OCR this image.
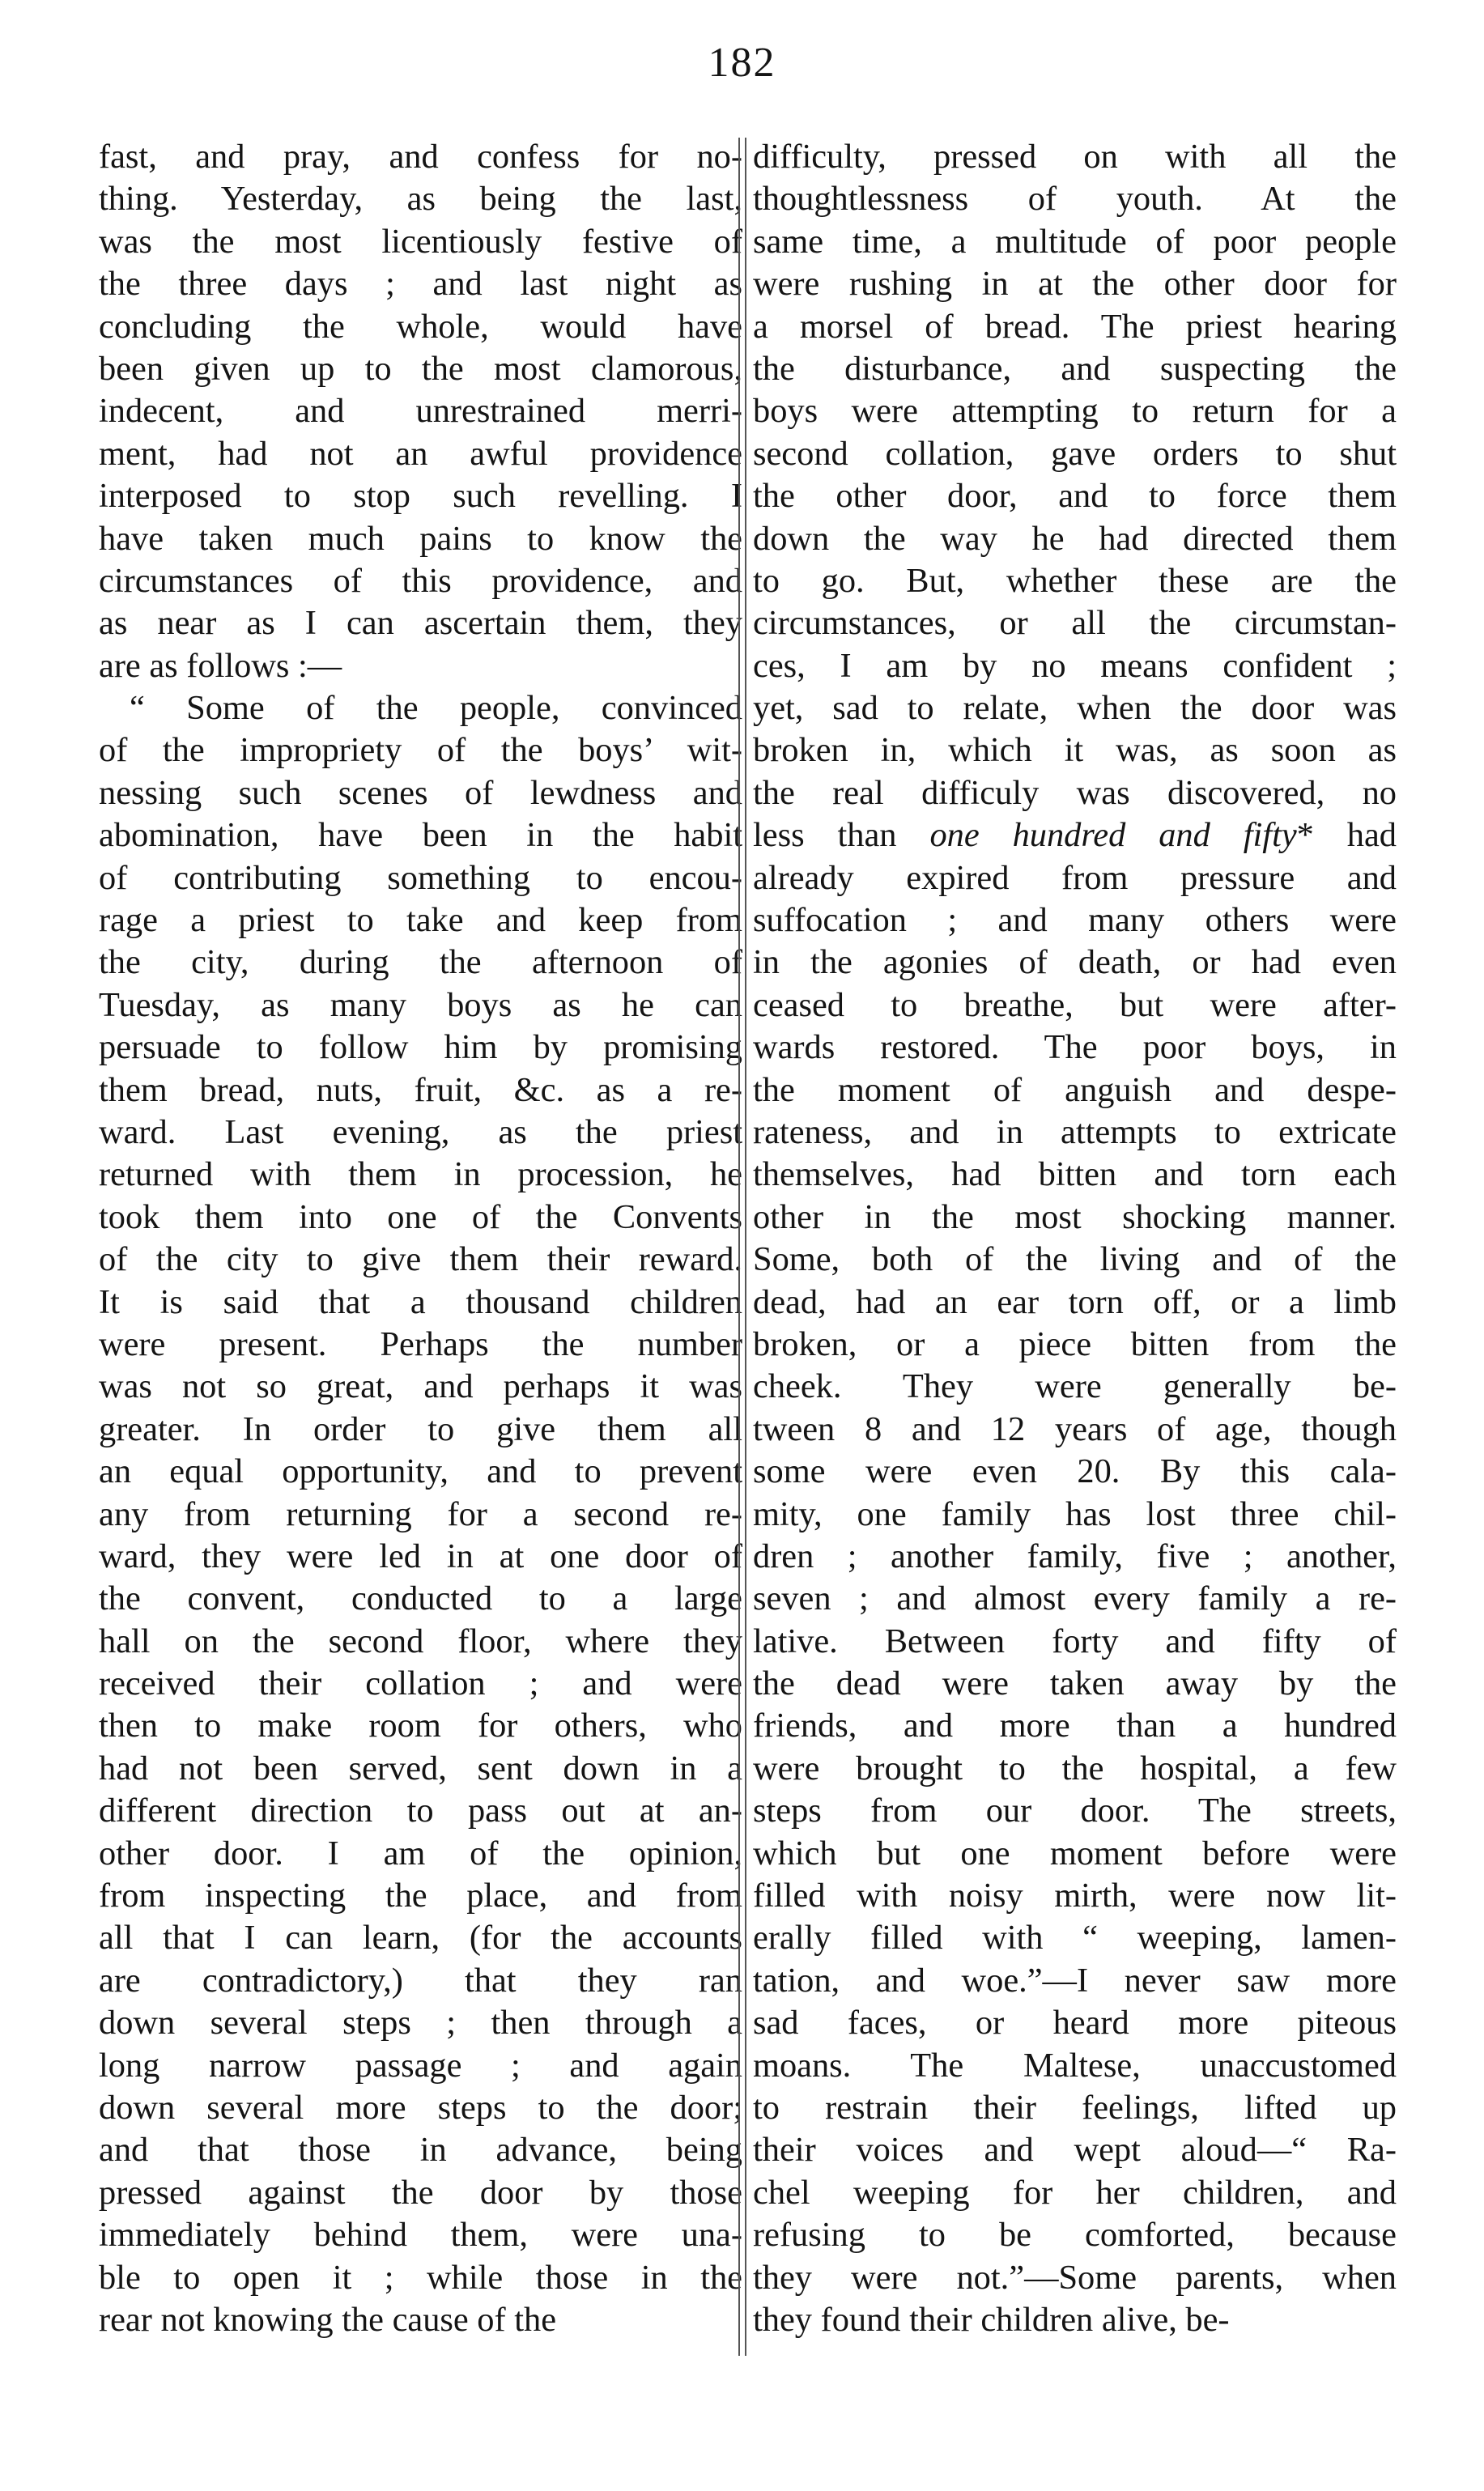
182
fast, and pray, and confess for no-
thing. Yesterday, as being the last,
was the most licentiously festive of
the three days ; and last night as
concluding the whole, would have
been given up to the most clamorous,
indecent, and unrestrained merri-
ment, had not an awful providence
interposed to stop such revelling. I
have taken much pains to know the
circumstances of this providence, and
as near as I can ascertain them, they
are as follows :—
“ Some of the people, convinced
of the impropriety of the boys’ wit-
nessing such scenes of lewdness and
abomination, have been in the habit
of contributing something to encou-
rage a priest to take and keep from
the city, during the afternoon of
Tuesday, as many boys as he can
persuade to follow him by promising
them bread, nuts, fruit, &c. as a re-
ward. Last evening, as the priest
returned with them in procession, he
took them into one of the Convents
of the city to give them their reward.
It is said that a thousand children
were present. Perhaps the number
was not so great, and perhaps it was
greater. In order to give them all
an equal opportunity, and to prevent
any from returning for a second re-
ward, they were led in at one door of
the convent, conducted to a large
hall on the second floor, where they
received their collation ; and were
then to make room for others, who
had not been served, sent down in a
different direction to pass out at an-
other door. I am of the opinion,
from inspecting the place, and from
all that I can learn, (for the accounts
are contradictory,) that they ran
down several steps ; then through a
long narrow passage ; and again
down several more steps to the door;
and that those in advance, being
pressed against the door by those
immediately behind them, were una-
ble to open it ; while those in the
rear not knowing the cause of the
difficulty, pressed on with all the
thoughtlessness of youth. At the
same time, a multitude of poor people
were rushing in at the other door for
a morsel of bread. The priest hearing
the disturbance, and suspecting the
boys were attempting to return for a
second collation, gave orders to shut
the other door, and to force them
down the way he had directed them
to go. But, whether these are the
circumstances, or all the circumstan-
ces, I am by no means confident ;
yet, sad to relate, when the door was
broken in, which it was, as soon as
the real difficuly was discovered, no
less than one hundred and fifty* had
already expired from pressure and
suffocation ; and many others were
in the agonies of death, or had even
ceased to breathe, but were after-
wards restored. The poor boys, in
the moment of anguish and despe-
rateness, and in attempts to extricate
themselves, had bitten and torn each
other in the most shocking manner.
Some, both of the living and of the
dead, had an ear torn off, or a limb
broken, or a piece bitten from the
cheek. They were generally be-
tween 8 and 12 years of age, though
some were even 20. By this cala-
mity, one family has lost three chil-
dren ; another family, five ; another,
seven ; and almost every family a re-
lative. Between forty and fifty of
the dead were taken away by the
friends, and more than a hundred
were brought to the hospital, a few
steps from our door. The streets,
which but one moment before were
filled with noisy mirth, were now lit-
erally filled with “ weeping, lamen-
tation, and woe.”—I never saw more
sad faces, or heard more piteous
moans. The Maltese, unaccustomed
to restrain their feelings, lifted up
their voices and wept aloud—“ Ra-
chel weeping for her children, and
refusing to be comforted, because
they were not.”—Some parents, when
they found their children alive, be-
